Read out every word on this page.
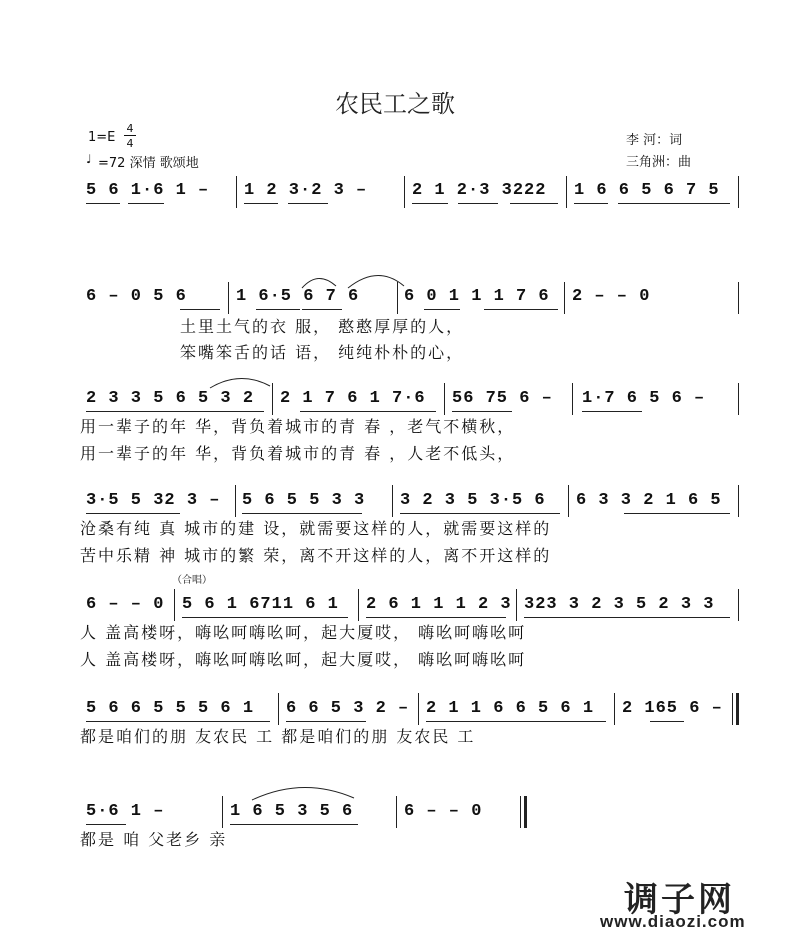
农民工之歌
1=E
4
4
♩ =72 深情 歌颂地
李 河：词
三角洲：曲
5 6 1·6 1 – 1 2 3·2 3 –	2 1 2·3 3222 1 6 6 5 6 7 5
6 – 0 5 6	1 6·5 6 7 6	6 0 1 1 1 7 6 2 – – 0
土里土气的衣 服， 憨憨厚厚的人，
笨嘴笨舌的话 语， 纯纯朴朴的心，
2 3 3 5 6 5 3 2 2 1 7 6 1 7·6 56 75 6 – 1·7 6 5 6 –
用一辈子的年 华，背负着城市的青 春 ，老气不横秋，
用一辈子的年 华，背负着城市的青 春 ，人老不低头，
3·5 5 32 3 – 5 6 5 5 3 3 3 2 3 5 3·5 6 6 3 3 2 1 6 5
沧桑有纯 真 城市的建 设，就需要这样的人，就需要这样的
苦中乐精 神 城市的繁 荣，离不开这样的人，离不开这样的
（合唱）
6 – – 0 5 6 1 6711 6 1 2 6 1 1 1 2 3 323 3 2 3 5 2 3 3
人 盖高楼呀，嗨吆呵嗨吆呵，起大厦哎， 嗨吆呵嗨吆呵
人 盖高楼呀，嗨吆呵嗨吆呵，起大厦哎， 嗨吆呵嗨吆呵
5 6 6 5 5 5 6 1 6 6 5 3 2 – 2 1 1 6 6 5 6 1 2 165 6 –
都是咱们的朋 友农民 工 都是咱们的朋 友农民 工
5·6 1 –	1 6 5 3 5 6	6 – – 0
都是 咱 父老乡 亲
调子网
www.diaozi.com
